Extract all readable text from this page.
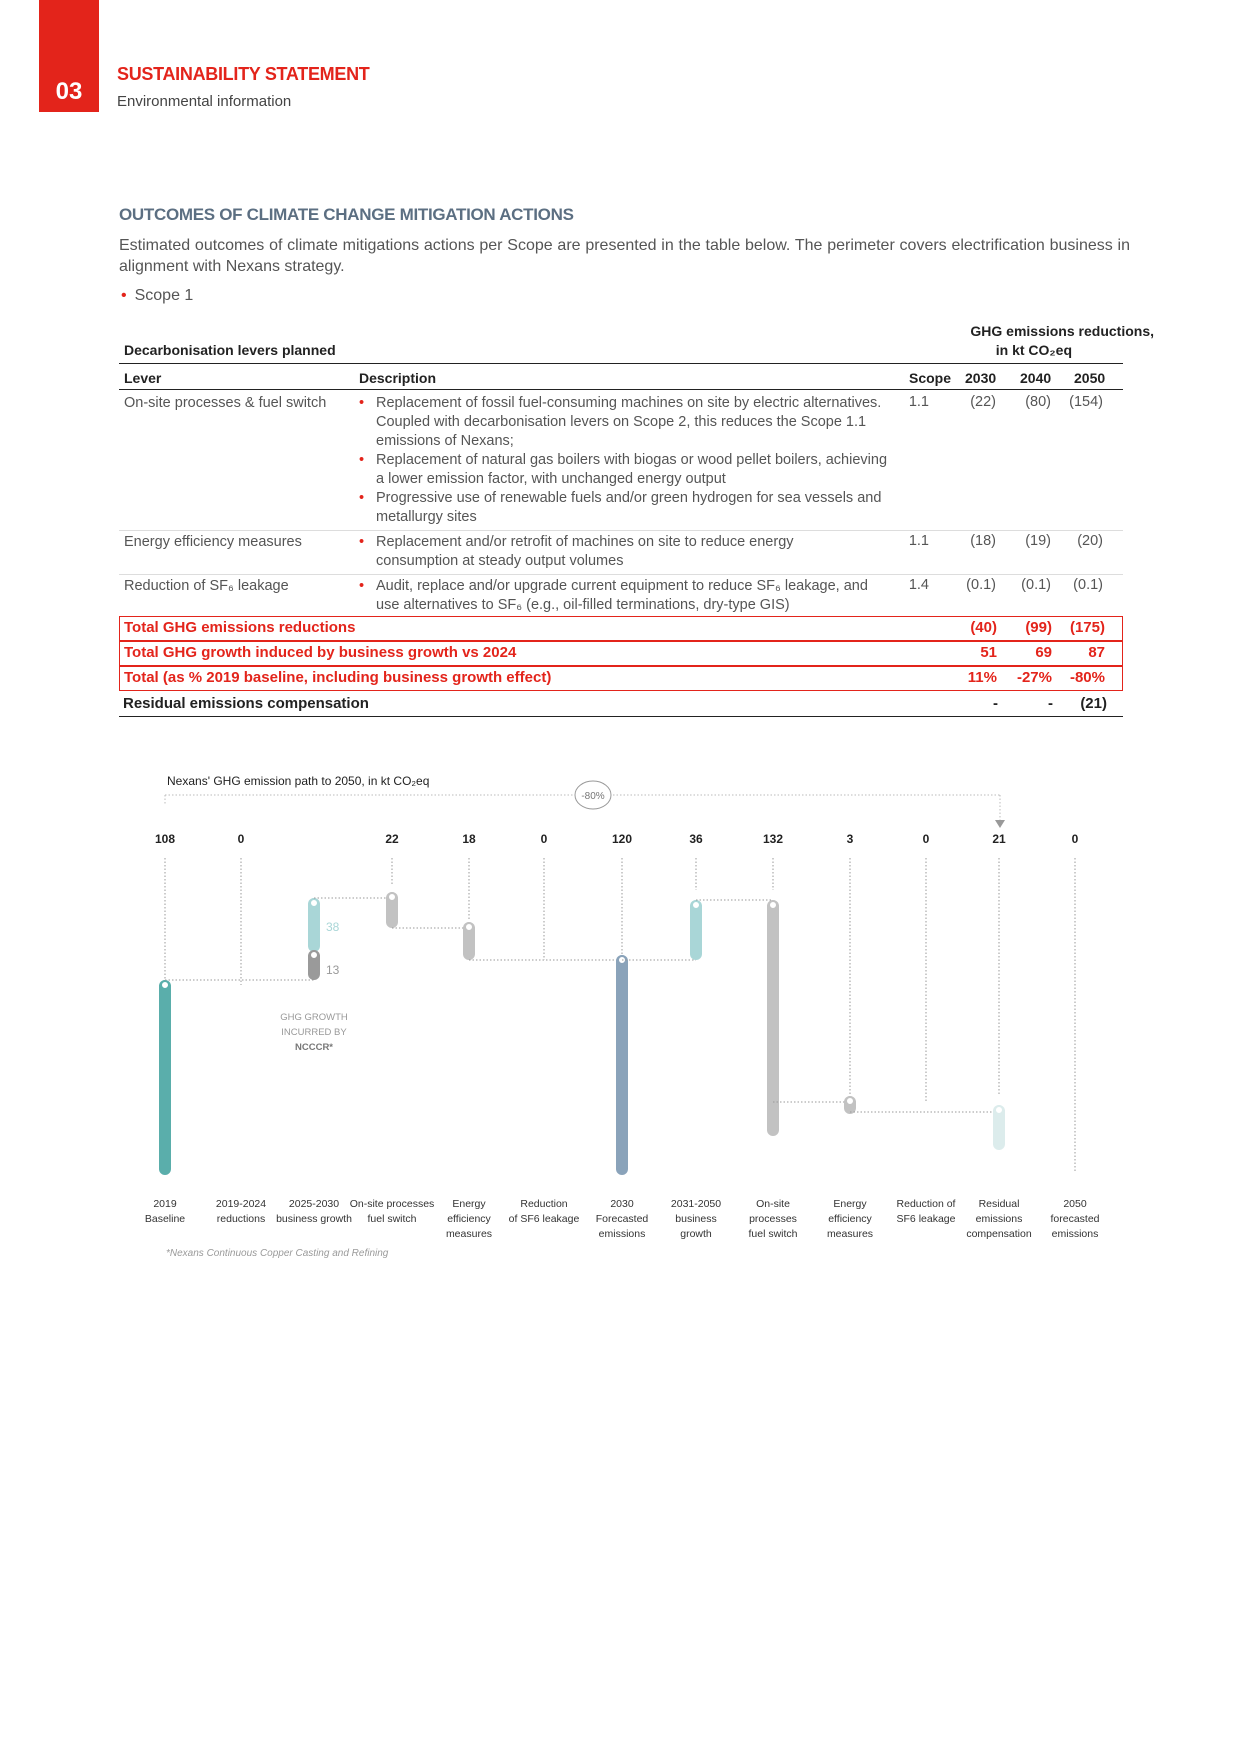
03
SUSTAINABILITY STATEMENT
Environmental information
OUTCOMES OF CLIMATE CHANGE MITIGATION ACTIONS
Estimated outcomes of climate mitigations actions per Scope are presented in the table below. The perimeter covers electrification business in alignment with Nexans strategy.
• Scope 1
GHG emissions reductions,
in kt CO₂eq
Decarbonisation levers planned
Lever	Description	Scope 2030 2040 2050
On-site processes & fuel switch	• Replacement of fossil fuel-consuming machines on site by electric alternatives. Coupled with decarbonisation levers on Scope 2, this reduces the Scope 1.1 emissions of Nexans;
• Replacement of natural gas boilers with biogas or wood pellet boilers, achieving a lower emission factor, with unchanged energy output
• Progressive use of renewable fuels and/or green hydrogen for sea vessels and metallurgy sites
1.1	(22)	(80)	(154)
Energy efficiency measures	• Replacement and/or retrofit of machines on site to reduce energy consumption at steady output volumes
1.1	(18)	(19)	(20)
Reduction of SF₆ leakage	• Audit, replace and/or upgrade current equipment to reduce SF₆ leakage, and use alternatives to SF₆ (e.g., oil-filled terminations, dry-type GIS)
1.4	(0.1)	(0.1)	(0.1)
Total GHG emissions reductions	(40)	(99)	(175)
Total GHG growth induced by business growth vs 2024	51	69	87
Total (as % 2019 baseline, including business growth effect)	11%	-27%	-80%
Residual emissions compensation	-	-	(21)
Nexans' GHG emission path to 2050, in kt CO₂eq
-80%
108	0	22	18	0	120	36	132	3	0	21	0
38
13
GHG GROWTH
INCURRED BY
NCCCR*
2019 Baseline
2019-2024 reductions
2025-2030 business growth
On-site processes fuel switch
Energy efficiency measures
Reduction of SF6 leakage
2030 Forecasted emissions
2031-2050 business growth
On-site processes fuel switch
Energy efficiency measures
Reduction of SF6 leakage
Residual emissions compensation
2050 forecasted emissions
*Nexans Continuous Copper Casting and Refining
